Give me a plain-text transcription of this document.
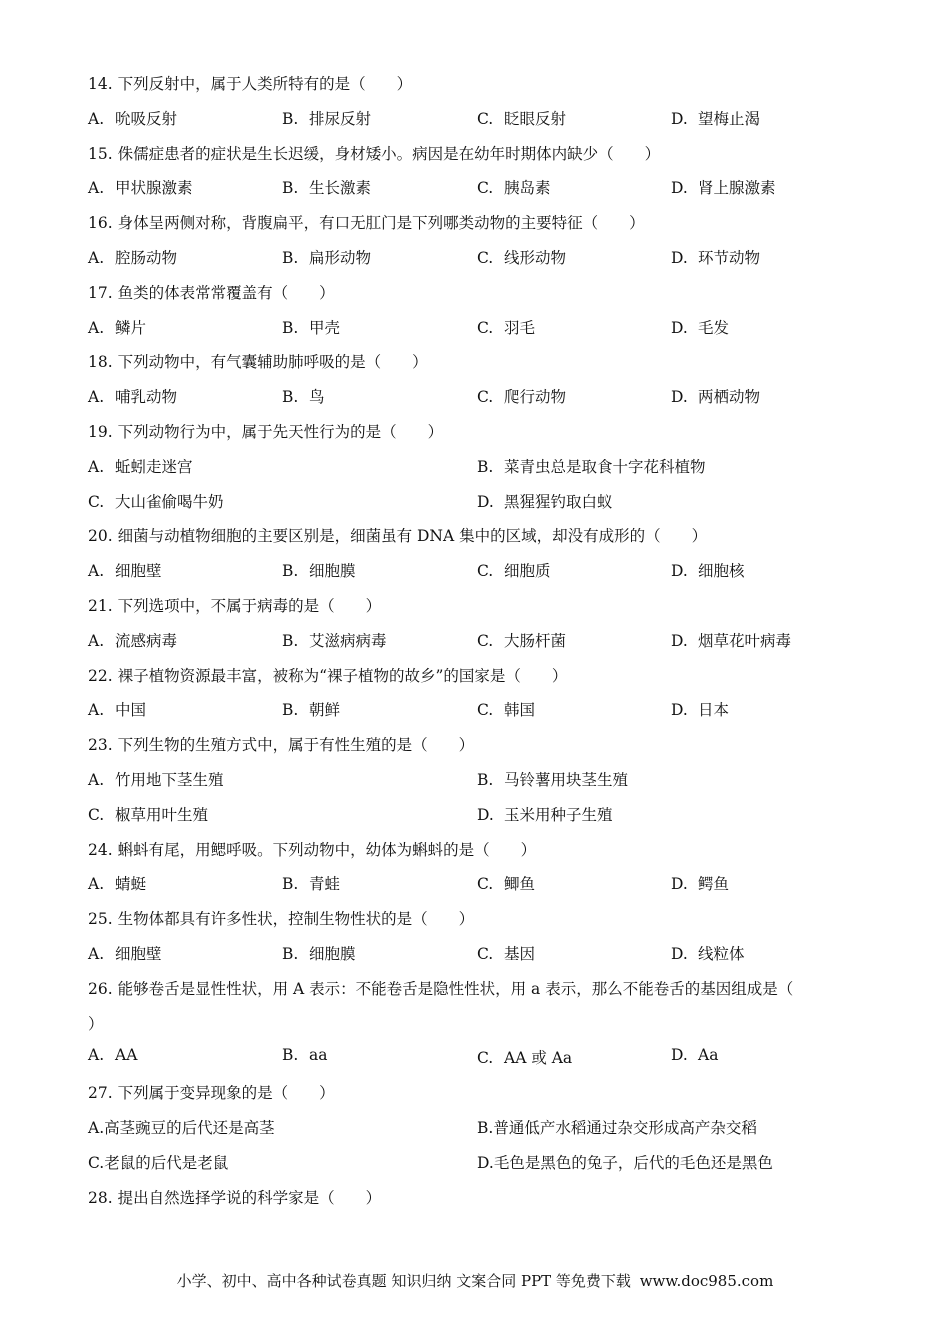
14. 下列反射中，属于人类所特有的是（　　）
A. 吮吸反射	B. 排尿反射	C. 眨眼反射	D. 望梅止渴
15. 侏儒症患者的症状是生长迟缓，身材矮小。病因是在幼年时期体内缺少（　　）
A. 甲状腺激素	B. 生长激素	C. 胰岛素	D. 肾上腺激素
16. 身体呈两侧对称，背腹扁平，有口无肛门是下列哪类动物的主要特征（　　）
A. 腔肠动物	B. 扁形动物	C. 线形动物	D. 环节动物
17. 鱼类的体表常常覆盖有（　　）
A. 鳞片	B. 甲壳	C. 羽毛	D. 毛发
18. 下列动物中，有气囊辅助肺呼吸的是（　　）
A. 哺乳动物	B. 鸟	C. 爬行动物	D. 两栖动物
19. 下列动物行为中，属于先天性行为的是（　　）
A. 蚯蚓走迷宫	B. 菜青虫总是取食十字花科植物
C. 大山雀偷喝牛奶	D. 黑猩猩钓取白蚁
20. 细菌与动植物细胞的主要区别是，细菌虽有 DNA 集中的区域，却没有成形的（　　）
A. 细胞壁	B. 细胞膜	C. 细胞质	D. 细胞核
21. 下列选项中，不属于病毒的是（　　）
A. 流感病毒	B. 艾滋病病毒	C. 大肠杆菌	D. 烟草花叶病毒
22. 裸子植物资源最丰富，被称为“裸子植物的故乡”的国家是（　　）
A. 中国	B. 朝鲜	C. 韩国	D. 日本
23. 下列生物的生殖方式中，属于有性生殖的是（　　）
A. 竹用地下茎生殖	B. 马铃薯用块茎生殖
C. 椒草用叶生殖	D. 玉米用种子生殖
24. 蝌蚪有尾，用鳃呼吸。下列动物中，幼体为蝌蚪的是（　　）
A. 蜻蜓	B. 青蛙	C. 鲫鱼	D. 鳄鱼
25. 生物体都具有许多性状，控制生物性状的是（　　）
A. 细胞壁	B. 细胞膜	C. 基因	D. 线粒体
26. 能够卷舌是显性性状，用 A 表示：不能卷舌是隐性性状，用 a 表示，那么不能卷舌的基因组成是（
）
A. AA	B. aa	C. AA 或 Aa	D. Aa
27. 下列属于变异现象的是（　　）
A.高茎豌豆的后代还是高茎	B.普通低产水稻通过杂交形成高产杂交稻
C.老鼠的后代是老鼠	D.毛色是黑色的兔子，后代的毛色还是黑色
28. 提出自然选择学说的科学家是（　　）
小学、初中、高中各种试卷真题 知识归纳 文案合同 PPT 等免费下载 www.doc985.com
